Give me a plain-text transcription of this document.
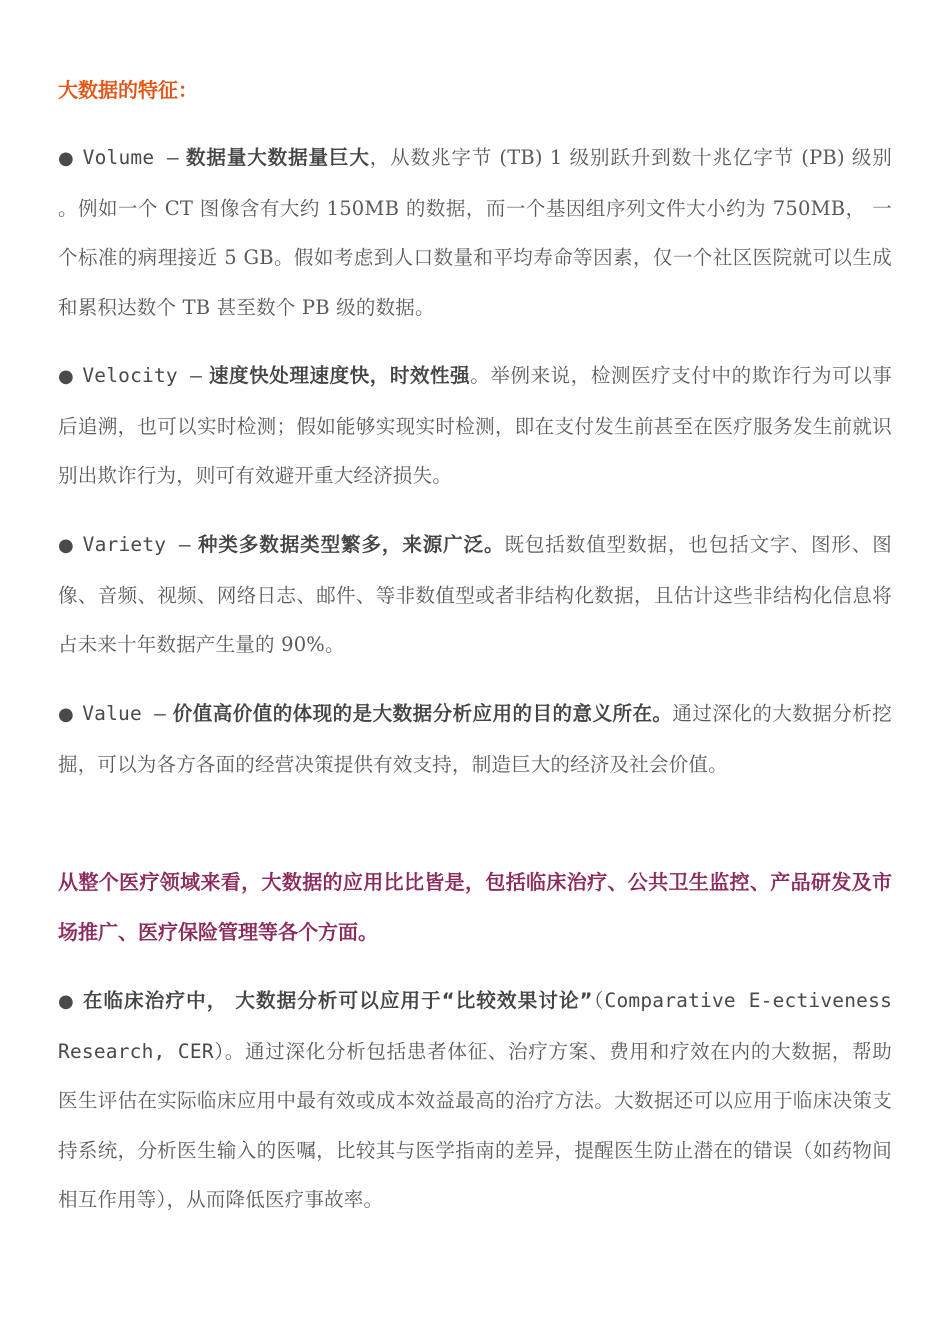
大数据的特征：
● Volume — 数据量大数据量巨大，从数兆字节 (TB) 1 级别跃升到数十兆亿字节 (PB) 级别 。例如一个 CT 图像含有大约 150MB 的数据，而一个基因组序列文件大小约为 750MB， 一个标准的病理接近 5 GB。假如考虑到人口数量和平均寿命等因素，仅一个社区医院就可以生成和累积达数个 TB 甚至数个 PB 级的数据。
● Velocity — 速度快处理速度快，时效性强。举例来说，检测医疗支付中的欺诈行为可以事后追溯，也可以实时检测；假如能够实现实时检测，即在支付发生前甚至在医疗服务发生前就识别出欺诈行为，则可有效避开重大经济损失。
● Variety — 种类多数据类型繁多，来源广泛。既包括数值型数据，也包括文字、图形、图像、音频、视频、网络日志、邮件、等非数值型或者非结构化数据，且估计这些非结构化信息将占未来十年数据产生量的 90%。
● Value — 价值高价值的体现的是大数据分析应用的目的意义所在。通过深化的大数据分析挖掘，可以为各方各面的经营决策提供有效支持，制造巨大的经济及社会价值。
从整个医疗领域来看，大数据的应用比比皆是，包括临床治疗、公共卫生监控、产品研发及市场推广、医疗保险管理等各个方面。
● 在临床治疗中， 大数据分析可以应用于“比较效果讨论”（Comparative E-ectiveness Research, CER）。通过深化分析包括患者体征、治疗方案、费用和疗效在内的大数据，帮助医生评估在实际临床应用中最有效或成本效益最高的治疗方法。大数据还可以应用于临床决策支持系统，分析医生输入的医嘱，比较其与医学指南的差异，提醒医生防止潜在的错误（如药物间相互作用等），从而降低医疗事故率。
